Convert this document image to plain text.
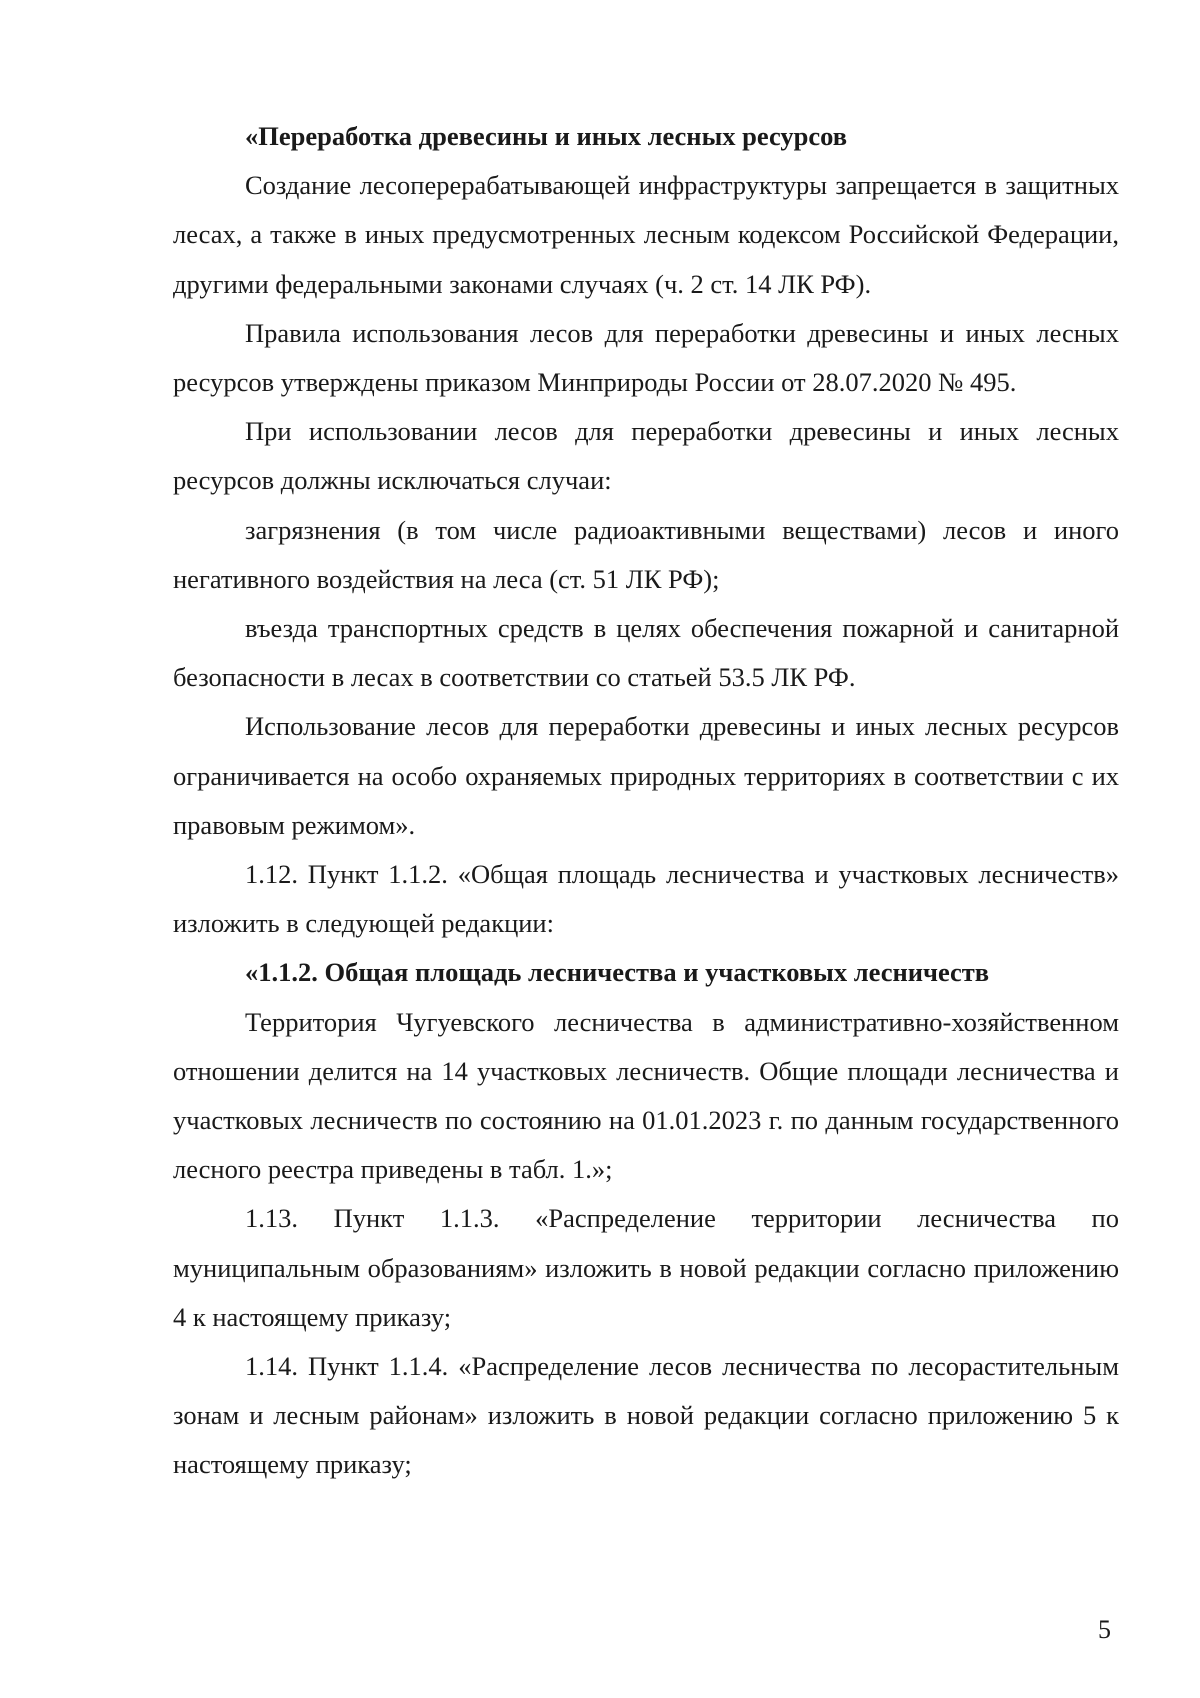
«Переработка древесины и иных лесных ресурсов

Создание лесоперерабатывающей инфраструктуры запрещается в защитных лесах, а также в иных предусмотренных лесным кодексом Российской Федерации, другими федеральными законами случаях (ч. 2 ст. 14 ЛК РФ).

Правила использования лесов для переработки древесины и иных лесных ресурсов утверждены приказом Минприроды России от 28.07.2020 № 495.

При использовании лесов для переработки древесины и иных лесных ресурсов должны исключаться случаи:

загрязнения (в том числе радиоактивными веществами) лесов и иного негативного воздействия на леса (ст. 51 ЛК РФ);

въезда транспортных средств в целях обеспечения пожарной и санитарной безопасности в лесах в соответствии со статьей 53.5 ЛК РФ.

Использование лесов для переработки древесины и иных лесных ресурсов ограничивается на особо охраняемых природных территориях в соответствии с их правовым режимом».

1.12. Пункт 1.1.2. «Общая площадь лесничества и участковых лесничеств» изложить в следующей редакции:

«1.1.2. Общая площадь лесничества и участковых лесничеств

Территория Чугуевского лесничества в административно-хозяйственном отношении делится на 14 участковых лесничеств. Общие площади лесничества и участковых лесничеств по состоянию на 01.01.2023 г. по данным государственного лесного реестра приведены в табл. 1.»;

1.13. Пункт 1.1.3. «Распределение территории лесничества по муниципальным образованиям» изложить в новой редакции согласно приложению 4 к настоящему приказу;

1.14. Пункт 1.1.4. «Распределение лесов лесничества по лесорастительным зонам и лесным районам» изложить в новой редакции согласно приложению 5 к настоящему приказу;

5
